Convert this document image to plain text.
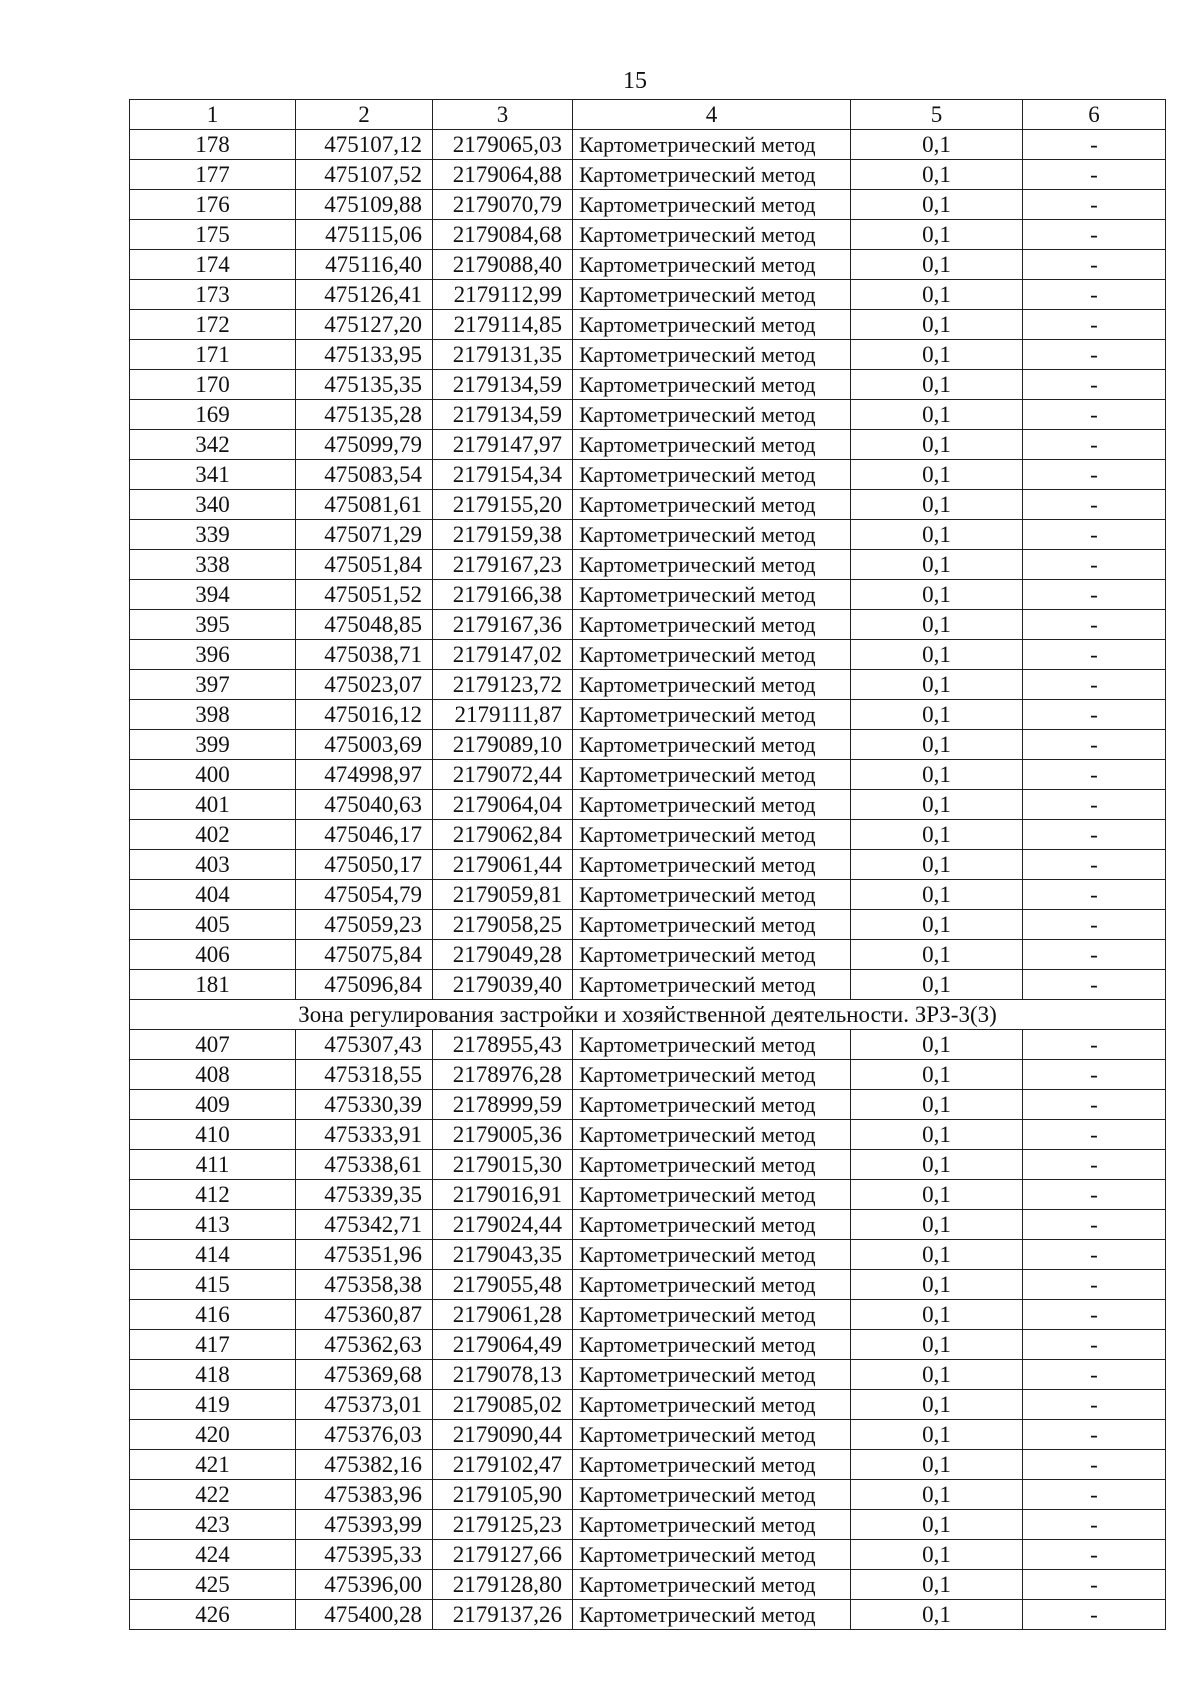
15
1	2	3	4	5	6
178	475107,12	2179065,03	Картометрический метод	0,1	-
177	475107,52	2179064,88	Картометрический метод	0,1	-
176	475109,88	2179070,79	Картометрический метод	0,1	-
175	475115,06	2179084,68	Картометрический метод	0,1	-
174	475116,40	2179088,40	Картометрический метод	0,1	-
173	475126,41	2179112,99	Картометрический метод	0,1	-
172	475127,20	2179114,85	Картометрический метод	0,1	-
171	475133,95	2179131,35	Картометрический метод	0,1	-
170	475135,35	2179134,59	Картометрический метод	0,1	-
169	475135,28	2179134,59	Картометрический метод	0,1	-
342	475099,79	2179147,97	Картометрический метод	0,1	-
341	475083,54	2179154,34	Картометрический метод	0,1	-
340	475081,61	2179155,20	Картометрический метод	0,1	-
339	475071,29	2179159,38	Картометрический метод	0,1	-
338	475051,84	2179167,23	Картометрический метод	0,1	-
394	475051,52	2179166,38	Картометрический метод	0,1	-
395	475048,85	2179167,36	Картометрический метод	0,1	-
396	475038,71	2179147,02	Картометрический метод	0,1	-
397	475023,07	2179123,72	Картометрический метод	0,1	-
398	475016,12	2179111,87	Картометрический метод	0,1	-
399	475003,69	2179089,10	Картометрический метод	0,1	-
400	474998,97	2179072,44	Картометрический метод	0,1	-
401	475040,63	2179064,04	Картометрический метод	0,1	-
402	475046,17	2179062,84	Картометрический метод	0,1	-
403	475050,17	2179061,44	Картометрический метод	0,1	-
404	475054,79	2179059,81	Картометрический метод	0,1	-
405	475059,23	2179058,25	Картометрический метод	0,1	-
406	475075,84	2179049,28	Картометрический метод	0,1	-
181	475096,84	2179039,40	Картометрический метод	0,1	-
Зона регулирования застройки и хозяйственной деятельности. ЗРЗ-3(3)					
407	475307,43	2178955,43	Картометрический метод	0,1	-
408	475318,55	2178976,28	Картометрический метод	0,1	-
409	475330,39	2178999,59	Картометрический метод	0,1	-
410	475333,91	2179005,36	Картометрический метод	0,1	-
411	475338,61	2179015,30	Картометрический метод	0,1	-
412	475339,35	2179016,91	Картометрический метод	0,1	-
413	475342,71	2179024,44	Картометрический метод	0,1	-
414	475351,96	2179043,35	Картометрический метод	0,1	-
415	475358,38	2179055,48	Картометрический метод	0,1	-
416	475360,87	2179061,28	Картометрический метод	0,1	-
417	475362,63	2179064,49	Картометрический метод	0,1	-
418	475369,68	2179078,13	Картометрический метод	0,1	-
419	475373,01	2179085,02	Картометрический метод	0,1	-
420	475376,03	2179090,44	Картометрический метод	0,1	-
421	475382,16	2179102,47	Картометрический метод	0,1	-
422	475383,96	2179105,90	Картометрический метод	0,1	-
423	475393,99	2179125,23	Картометрический метод	0,1	-
424	475395,33	2179127,66	Картометрический метод	0,1	-
425	475396,00	2179128,80	Картометрический метод	0,1	-
426	475400,28	2179137,26	Картометрический метод	0,1	-
